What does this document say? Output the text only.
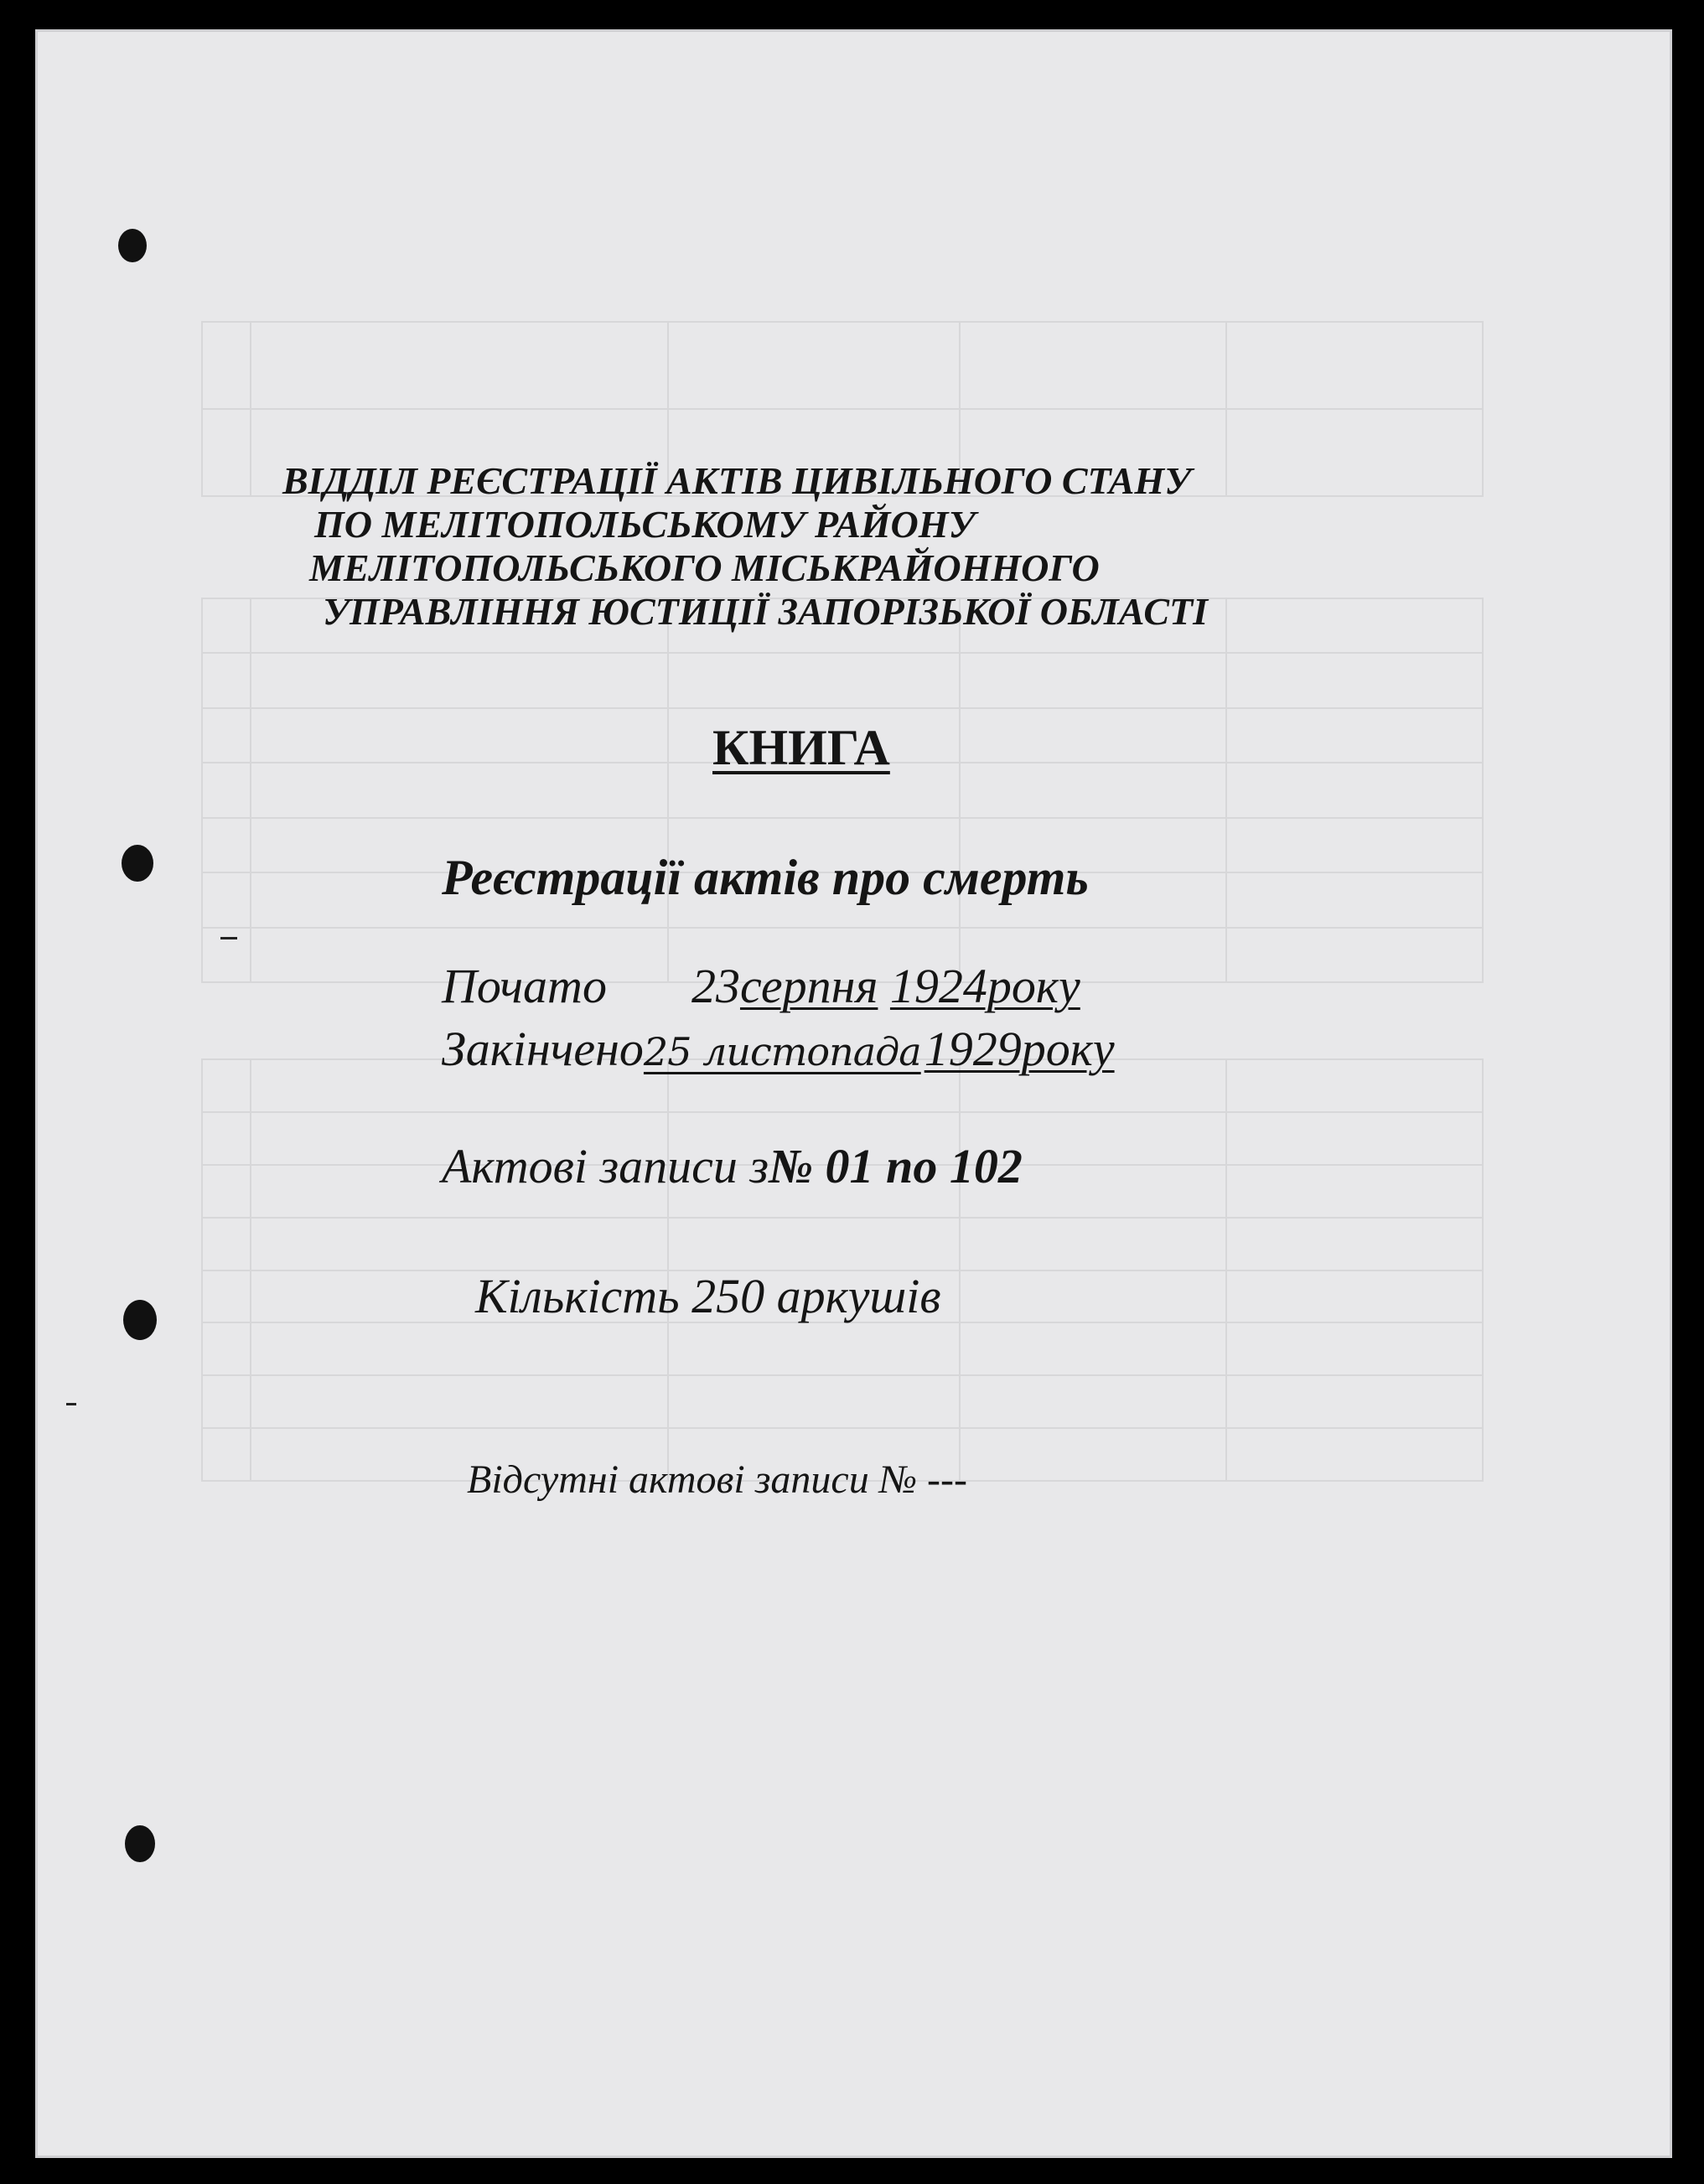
ВІДДІЛ РЕЄСТРАЦІЇ АКТІВ ЦИВІЛЬНОГО СТАНУ
ПО МЕЛІТОПОЛЬСЬКОМУ РАЙОНУ
МЕЛІТОПОЛЬСЬКОГО МІСЬКРАЙОННОГО
УПРАВЛІННЯ ЮСТИЦІЇ ЗАПОРІЗЬКОЇ ОБЛАСТІ
КНИГА
Реєстрації актів про смерть
Почато 23серпня 1924року
Закінчено25 листопада1929року
Актові записи з№ 01 по 102
Кількість 250 аркушів
Відсутні актові записи № ---
